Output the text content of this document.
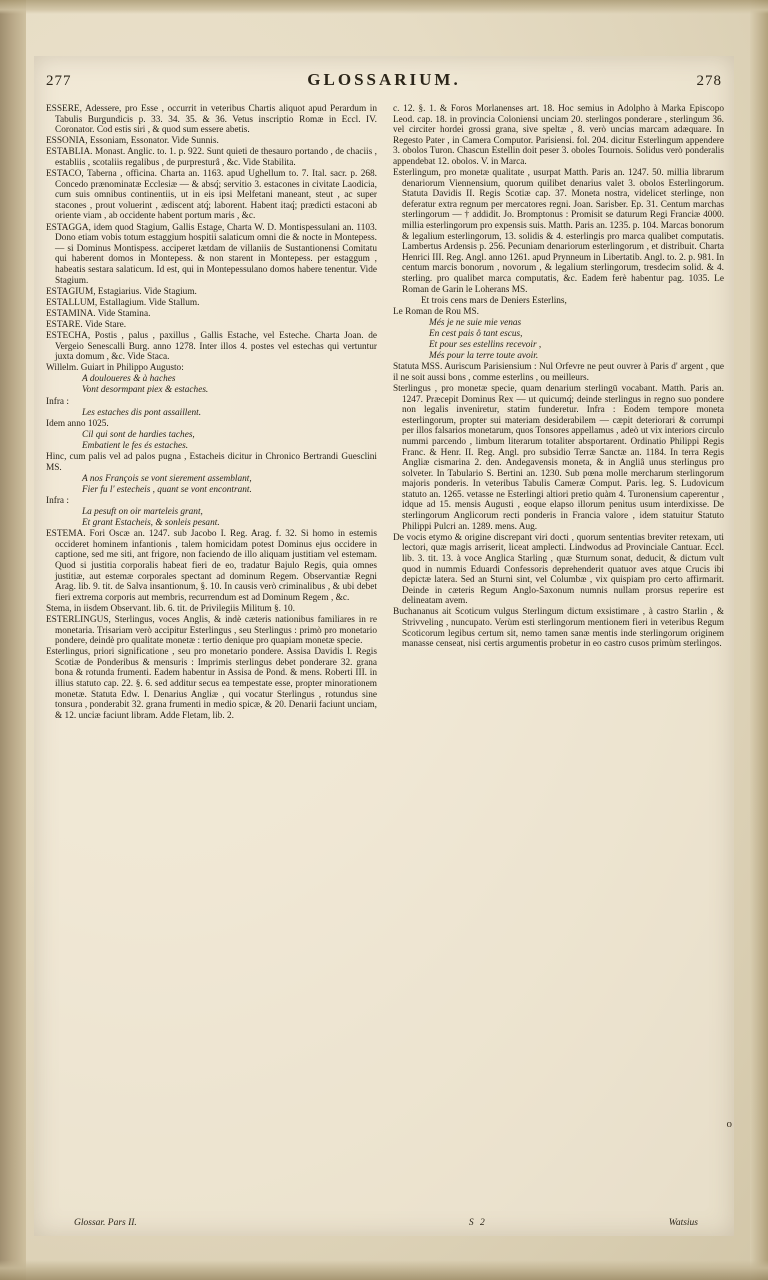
277	GLOSSARIUM.	278

ESSERE, Adessere, pro Esse , occurrit in veteribus Chartis aliquot apud Perardum in Tabulis Burgundicis p. 33. 34. 35. & 36. Vetus inscriptio Romæ in Eccl. IV. Coronator. Cod estis siri , & quod sum essere abetis.

ESSONIA, Essoniam, Essonator. Vide Sunnis.

ESTABLIA. Monast. Anglic. to. 1. p. 922. Sunt quieti de thesauro portando , de chaciis , establiis , scotaliis regalibus , de purpresturâ , &c. Vide Stabilita.

ESTACO, Taberna , officina. Charta an. 1163. apud Ughellum to. 7. Ital. sacr. p. 268. Concedo prænominatæ Ecclesiæ — & absq́; servitio 3. estacones in civitate Laodicia, cum suis omnibus continentiis, ut in eis ipsi Melfetani maneant, steut , ac super stacones , prout voluerint , ædiscent atq́; laborent. Habent itaq́; prædicti estaconi ab oriente viam , ab occidente habent portum maris , &c.

ESTAGGA, idem quod Stagium, Gallis Estage, Charta W. D. Montispessulani an. 1103. Dono etiam vobis totum estaggium hospitii salaticum omni die & nocte in Montepess. — si Dominus Montispess. acciperet lætdam de villaniis de Sustantionensi Comitatu qui haberent domos in Montepess. & non starent in Montepess. per estaggum , habeatis sestara salaticum. Id est, qui in Montepessulano domos habere tenentur. Vide Stagium.

ESTAGIUM, Estagiarius. Vide Stagium.

ESTALLUM, Estallagium. Vide Stallum.

ESTAMINA. Vide Stamina.

ESTARE. Vide Stare.

ESTECHA, Postis , palus , paxillus , Gallis Estache, vel Esteche. Charta Joan. de Vergeio Senescalli Burg. anno 1278. Inter illos 4. postes vel estechas qui vertuntur juxta domum , &c. Vide Staca.

Willelm. Guiart in Philippo Augusto:

A douloueres & à haches

Vont desormpant piex & estaches.

Infra :

Les estaches dis pont assaillent.

Idem anno 1025.

Cil qui sont de hardies taches,

Embatient le fes és estaches.

Hinc, cum palis vel ad palos pugna , Estacheis dicitur in Chronico Bertrandi Guesclini MS.

A nos François se vont sierement assemblant,

Fier fu l' estecheis , quant se vont encontrant.

Infra :

La pesuft on oir marteleis grant,

Et grant Estacheis, & sonleis pesant.

ESTEMA. Fori Oscæ an. 1247. sub Jacobo I. Reg. Arag. f. 32. Si homo in estemis occideret hominem infantionis , talem homicidam potest Dominus ejus occidere in captione, sed me siti, ant frigore, non faciendo de illo aliquam justitiam vel estemam. Quod si justitia corporalis habeat fieri de eo, tradatur Bajulo Regis, quia omnes justitiæ, aut estemæ corporales spectant ad dominum Regem. Observantiæ Regni Arag. lib. 9. tit. de Salva insantionum, §. 10. In causis verò criminalibus , & ubi debet fieri extrema corporis aut membris, recurrendum est ad Dominum Regem , &c.

Stema, in iisdem Observant. lib. 6. tit. de Privilegiis Militum §. 10.

ESTERLINGUS, Sterlingus, voces Anglis, & indè cæteris nationibus familiares in re monetaria. Trisariam verò accipitur Esterlingus , seu Sterlingus : primò pro monetario pondere, deindè pro qualitate monetæ : tertio denique pro quapiam monetæ specie.

Esterlingus, priori significatione , seu pro monetario pondere. Assisa Davidis I. Regis Scotiæ de Ponderibus & mensuris : Imprimis sterlingus debet ponderare 32. grana bona & rotunda frumenti. Eadem habentur in Assisa de Pond. & mens. Roberti III. in illius statuto cap. 22. §. 6. sed additur secus ea tempestate esse, propter minorationem monetæ. Statuta Edw. I. Denarius Angliæ , qui vocatur Sterlingus , rotundus sine tonsura , ponderabit 32. grana frumenti in medio spicæ, & 20. Denarii faciunt unciam, & 12. unciæ faciunt libram. Adde Fletam, lib. 2.

c. 12. §. 1. & Foros Morlanenses art. 18. Hoc semius in Adolpho à Marka Episcopo Leod. cap. 18. in provincia Coloniensi unciam 20. sterlingos ponderare , sterlingum 36. vel circiter hordei grossi grana, sive speltæ , 8. verò uncias marcam adæquare. In Regesto Pater , in Camera Computor. Parisiensi. fol. 204. dicitur Esterlingum appendere 3. obolos Turon. Chascun Estellin doit peser 3. oboles Tournois. Solidus verò ponderalis appendebat 12. obolos. V. in Marca.

Esterlingum, pro monetæ qualitate , usurpat Matth. Paris an. 1247. 50. millia librarum denariorum Viennensium, quorum quilibet denarius valet 3. obolos Esterlingorum. Statuta Davidis II. Regis Scotiæ cap. 37. Moneta nostra, videlicet sterlinge, non deferatur extra regnum per mercatores regni. Joan. Sarisber. Ep. 31. Centum marchas sterlingorum — † addidit. Jo. Bromptonus : Promisit se daturum Regi Franciæ 4000. millia esterlingorum pro expensis suis. Matth. Paris an. 1235. p. 104. Marcas bonorum & legalium esterlingorum, 13. solidis & 4. esterlingis pro marca qualibet computatis. Lambertus Ardensis p. 256. Pecuniam denariorum esterlingorum , et distribuit. Charta Henrici III. Reg. Angl. anno 1261. apud Prynneum in Libertatib. Angl. to. 2. p. 981. In centum marcis bonorum , novorum , & legalium sterlingorum, tresdecim solid. & 4. sterling. pro qualibet marca computatis, &c. Eadem ferè habentur pag. 1035. Le Roman de Garin le Loherans MS.

Et trois cens mars de Deniers Esterlins,

Le Roman de Rou MS.

Més je ne suie mie venas

En cest pais ô tant escus,

Et pour ses estellins recevoir ,

Més pour la terre toute avoir.

Statuta MSS. Auriscum Parisiensium : Nul Orfevre ne peut ouvrer à Paris d' argent , que il ne soit aussi bons , comme esterlins , ou meilleurs.

Sterlingus , pro monetæ specie, quam denarium sterlingū vocabant. Matth. Paris an. 1247. Præcepit Dominus Rex — ut quicumq́; deinde sterlingus in regno suo pondere non legalis inveniretur, statim funderetur. Infra : Eodem tempore moneta esterlingorum, propter sui materiam desiderabilem — cæpit deteriorari & corrumpi per illos falsarios monetarum, quos Tonsores appellamus , adeò ut vix interiors circulo nummi parcendo , limbum literarum totaliter absportarent. Ordinatio Philippi Regis Franc. & Henr. II. Reg. Angl. pro subsidio Terræ Sanctæ an. 1184. In terra Regis Angliæ cismarina 2. den. Andegavensis moneta, & in Angliâ unus sterlingus pro solveter. In Tabulario S. Bertini an. 1230. Sub pœna molle mercharum sterlingorum majoris ponderis. In veteribus Tabulis Cameræ Comput. Paris. leg. S. Ludovicum statuto an. 1265. vetasse ne Esterlingi altiori pretio quàm 4. Turonensium caperentur , idque ad 15. mensis Augusti , eoque elapso illorum penitus usum interdixisse. De sterlingorum Anglicorum recti ponderis in Francia valore , idem statuitur Statuto Philippi Pulcri an. 1289. mens. Aug.

De vocis etymo & origine discrepant viri docti , quorum sententias breviter retexam, uti lectori, quæ magis arriserit, liceat amplecti. Lindwodus ad Provinciale Cantuar. Eccl. lib. 3. tit. 13. à voce Anglica Starling , quæ Sturnum sonat, deducit, & dictum vult quod in nummis Eduardi Confessoris deprehenderit quatuor aves atque Crucis ibi depictæ latera. Sed an Sturni sint, vel Columbæ , vix quispiam pro certo affirmarit. Deinde in cæteris Regum Anglo-Saxonum numnis nullam prorsus reperire est delineatam avem.

Buchananus ait Scoticum vulgus Sterlingum dictum exsistimare , à castro Starlin , & Strivveling , nuncupato. Verùm esti sterlingorum mentionem fieri in veteribus Regum Scoticorum legibus certum sit, nemo tamen sanæ mentis inde sterlingorum originem manasse censeat, nisi certis argumentis probetur in eo castro cusos primùm sterlingos.

o
Glossar. Pars II.	S 2	Watsius
